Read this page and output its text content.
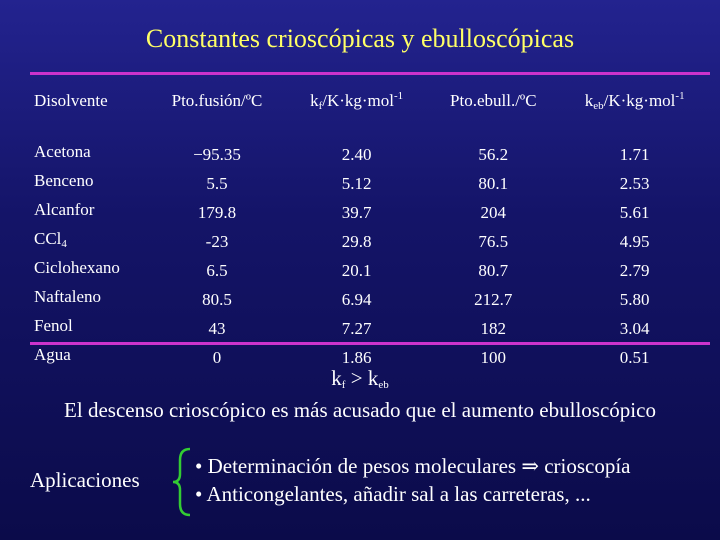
Constantes crioscópicas y ebulloscópicas
Disolvente	Pto.fusión/ºC	$k_f/K\cdot kg\cdot mol^{-1}$	Pto.ebull./ºC	$k_{eb}/K\cdot kg\cdot mol^{-1}$

Acetona	−95.35	2.40	56.2	1.71
Benceno	5.5	5.12	80.1	2.53
Alcanfor	179.8	39.7	204	5.61
CCl$_4$	-23	29.8	76.5	4.95
Ciclohexano	6.5	20.1	80.7	2.79
Naftaleno	80.5	6.94	212.7	5.80
Fenol	43	7.27	182	3.04
Agua	0	1.86	100	0.51
$k_f > k_{eb}$
El descenso crioscópico es más acusado que el aumento ebulloscópico
Aplicaciones
• Determinación de pesos moleculares ⇒ crioscopía
• Anticongelantes, añadir sal a las carreteras, ...
